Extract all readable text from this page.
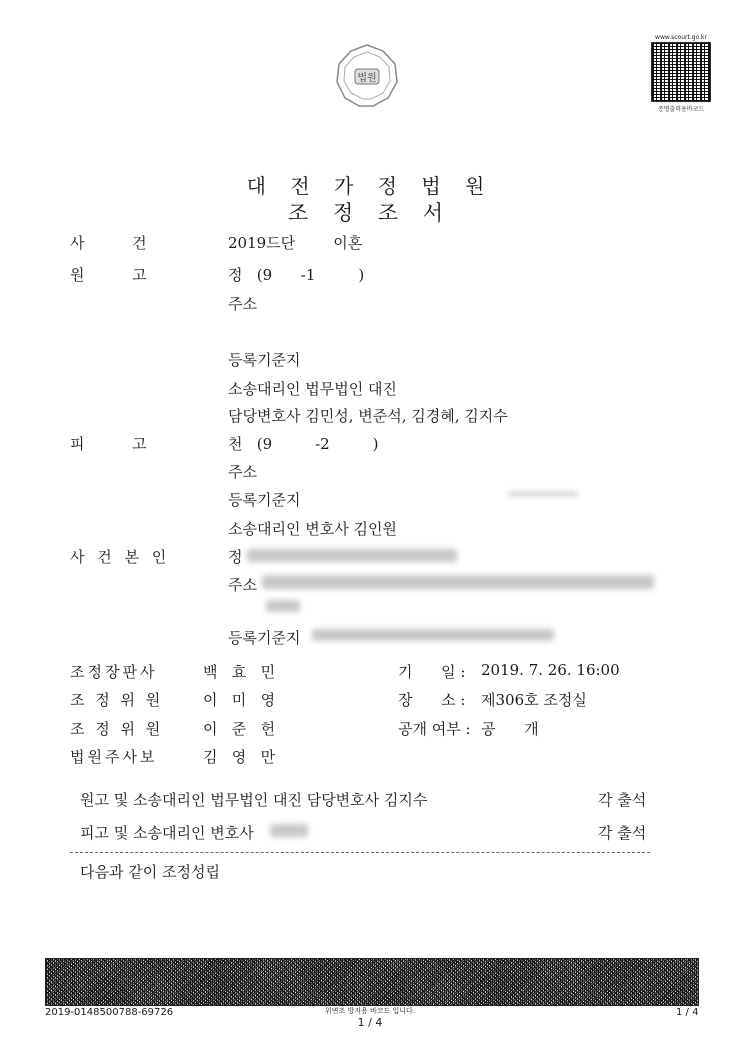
www.scourt.go.kr
증명출력용바코드
법원
대 전 가 정 법 원
조 정 조 서
사          건	2019드단        이혼
원          고	정   (9      -1         )
주소
등록기준지
소송대리인 법무법인 대진
담당변호사 김민성, 변준석, 김경혜, 김지수
피          고	천   (9         -2         )
주소
등록기준지
소송대리인 변호사 김인원
사 건 본 인	정
주소
등록기준지
조정장판사	백   효   민
조 정 위 원	이   미   영
조 정 위 원	이   준   헌
법원주사보	김   영   만
기      일 : 2019. 7. 26. 16:00
장      소 : 제306호 조정실
공개 여부 : 공      개
원고 및 소송대리인 법무법인 대진 담당변호사 김지수	각 출석
피고 및 소송대리인 변호사	각 출석
다음과 같이 조정성립
2019-0148500788-69726	위변조 방지용 바코드 입니다.
1 / 4
1 / 4
